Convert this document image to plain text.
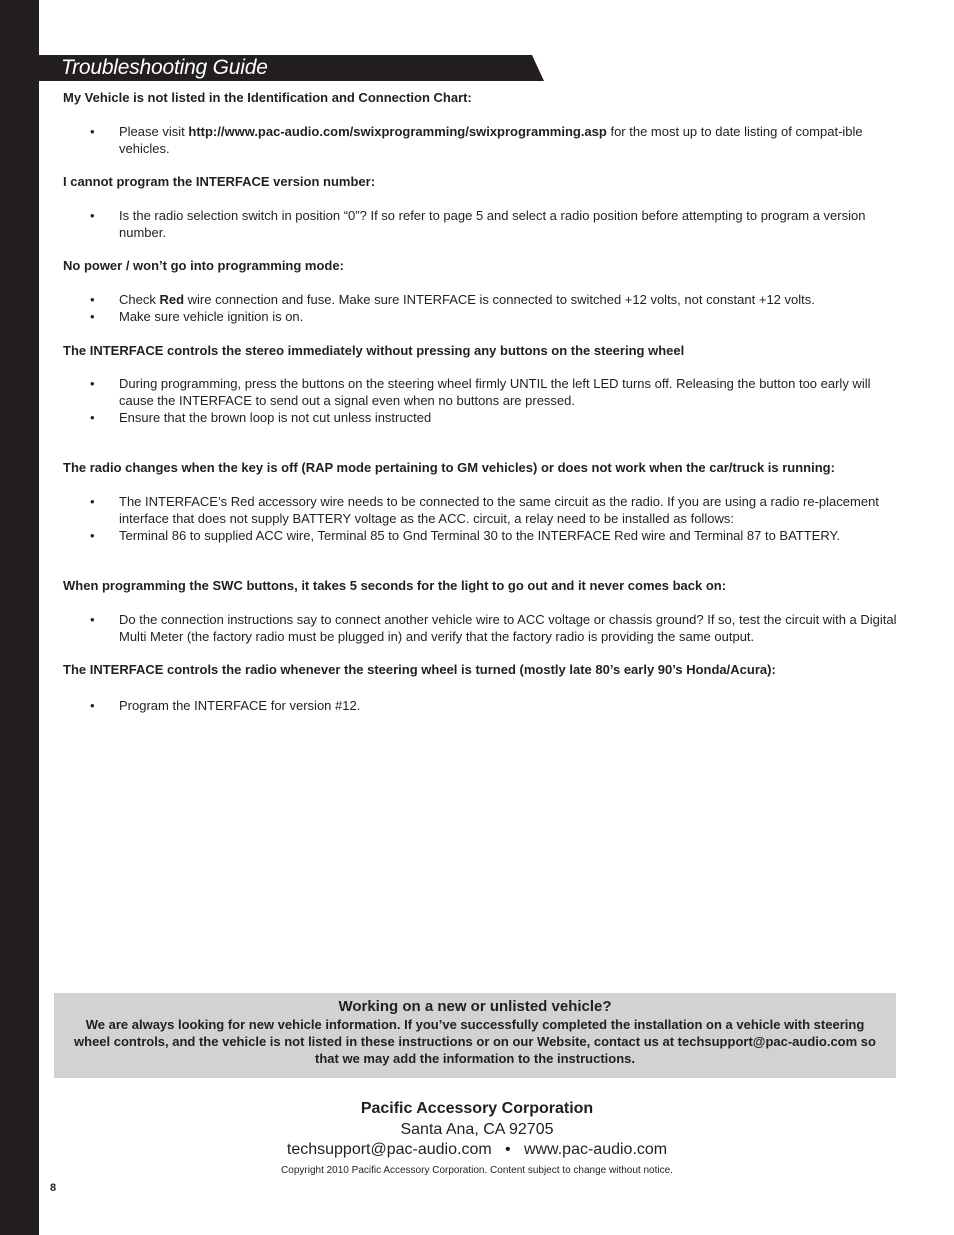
Troubleshooting Guide
My Vehicle is not listed in the Identification and Connection Chart:
•	Please visit http://www.pac-audio.com/swixprogramming/swixprogramming.asp for the most up to date listing of compat-ible vehicles.
I cannot program the INTERFACE version number:
•	Is the radio selection switch in position “0”? If so refer to page 5 and select a radio position before attempting to program a version number.
No power / won’t go into programming mode:
•	Check Red wire connection and fuse. Make sure INTERFACE is connected to switched +12 volts, not constant +12 volts.
•	Make sure vehicle ignition is on.
The INTERFACE controls the stereo immediately without pressing any buttons on the steering wheel
•	During programming, press the buttons on the steering wheel firmly UNTIL the left LED turns off. Releasing the button too early will cause the INTERFACE to send out a signal even when no buttons are pressed.
•	Ensure that the brown loop is not cut unless instructed
The radio changes when the key is off (RAP mode pertaining to GM vehicles) or does not work when the car/truck is running:
•	The INTERFACE’s Red accessory wire needs to be connected to the same circuit as the radio. If you are using a radio re-placement interface that does not supply BATTERY voltage as the ACC. circuit, a relay need to be installed as follows:
•	Terminal 86 to supplied ACC wire, Terminal 85 to Gnd Terminal 30 to the INTERFACE Red wire and Terminal 87 to BATTERY.
When programming the SWC buttons, it takes 5 seconds for the light to go out and it never comes back on:
•	Do the connection instructions say to connect another vehicle wire to ACC voltage or chassis ground? If so, test the circuit with a Digital Multi Meter (the factory radio must be plugged in) and verify that the factory radio is providing the same output.
The INTERFACE controls the radio whenever the steering wheel is turned (mostly late 80’s early 90’s Honda/Acura):
•	Program the INTERFACE for version #12.
Working on a new or unlisted vehicle?
We are always looking for new vehicle information. If you’ve successfully completed the installation on a vehicle with steering wheel controls, and the vehicle is not listed in these instructions or on our Website, contact us at techsupport@pac-audio.com so that we may add the information to the instructions.
Pacific Accessory Corporation
Santa Ana, CA 92705
techsupport@pac-audio.com   •   www.pac-audio.com
Copyright 2010 Pacific Accessory Corporation. Content subject to change without notice.
8
